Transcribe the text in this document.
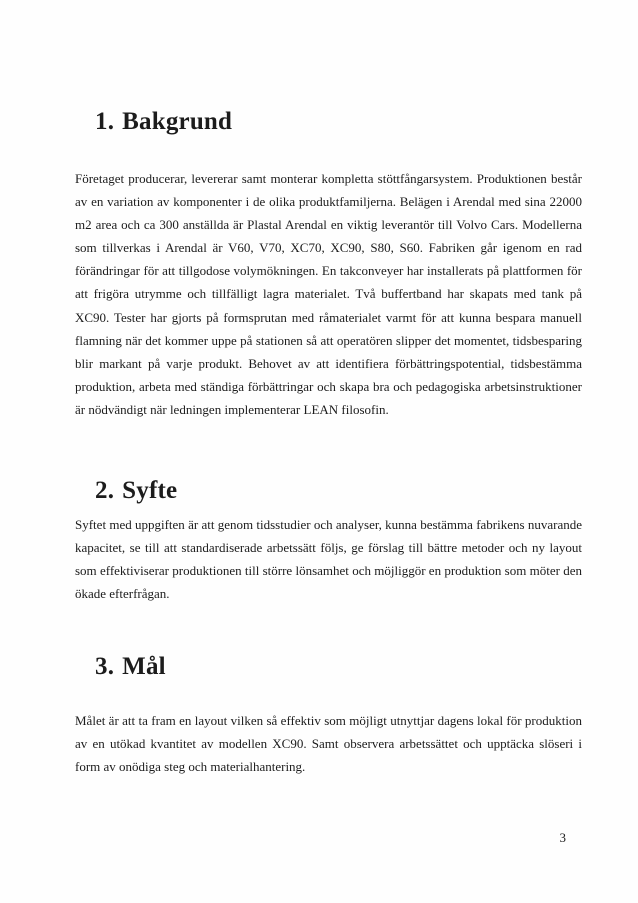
1. Bakgrund

Företaget producerar, levererar samt monterar kompletta stöttfångarsystem. Produktionen består av en variation av komponenter i de olika produktfamiljerna. Belägen i Arendal med sina 22000 m2 area och ca 300 anställda är Plastal Arendal en viktig leverantör till Volvo Cars. Modellerna som tillverkas i Arendal är V60, V70, XC70, XC90, S80, S60. Fabriken går igenom en rad förändringar för att tillgodose volymökningen. En takconveyer har installerats på plattformen för att frigöra utrymme och tillfälligt lagra materialet. Två buffertband har skapats med tank på XC90. Tester har gjorts på formsprutan med råmaterialet varmt för att kunna bespara manuell flamning när det kommer uppe på stationen så att operatören slipper det momentet, tidsbesparing blir markant på varje produkt. Behovet av att identifiera förbättringspotential, tidsbestämma produktion, arbeta med ständiga förbättringar och skapa bra och pedagogiska arbetsinstruktioner är nödvändigt när ledningen implementerar LEAN filosofin.

2. Syfte

Syftet med uppgiften är att genom tidsstudier och analyser, kunna bestämma fabrikens nuvarande kapacitet, se till att standardiserade arbetssätt följs, ge förslag till bättre metoder och ny layout som effektiviserar produktionen till större lönsamhet och möjliggör en produktion som möter den ökade efterfrågan.

3. Mål

Målet är att ta fram en layout vilken så effektiv som möjligt utnyttjar dagens lokal för produktion av en utökad kvantitet av modellen XC90. Samt observera arbetssättet och upptäcka slöseri i form av onödiga steg och materialhantering.

3
